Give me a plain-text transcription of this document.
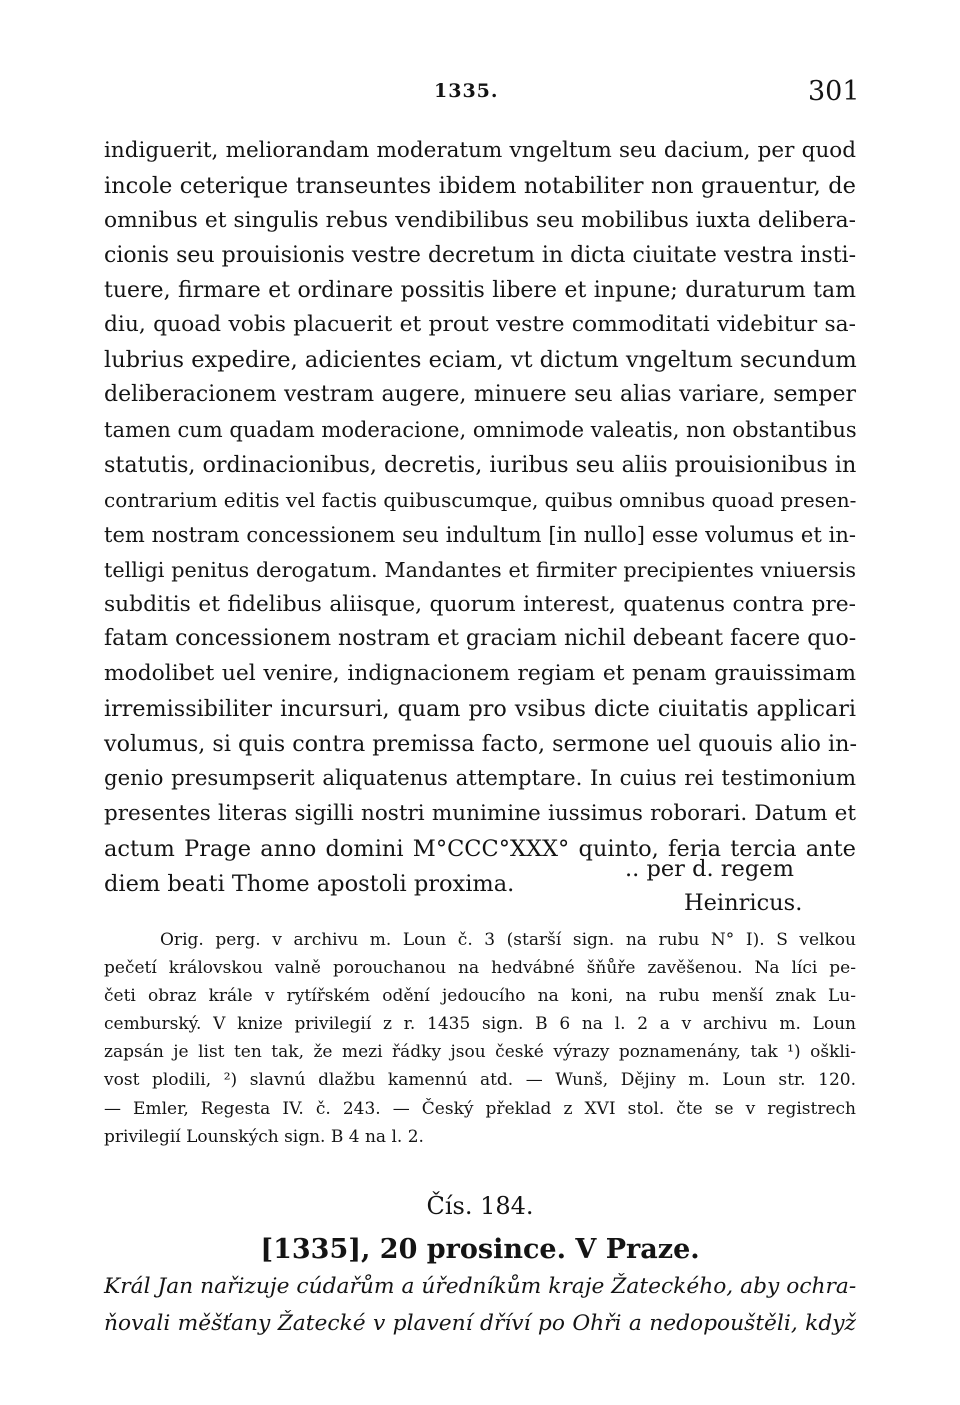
1335.	301
indiguerit, meliorandam moderatum vngeltum seu dacium, per quod
incole ceterique transeuntes ibidem notabiliter non grauentur, de
omnibus et singulis rebus vendibilibus seu mobilibus iuxta delibera-
cionis seu prouisionis vestre decretum in dicta ciuitate vestra insti-
tuere, firmare et ordinare possitis libere et inpune; duraturum tam
diu, quoad vobis placuerit et prout vestre commoditati videbitur sa-
lubrius expedire, adicientes eciam, vt dictum vngeltum secundum
deliberacionem vestram augere, minuere seu alias variare, semper
tamen cum quadam moderacione, omnimode valeatis, non obstantibus
statutis, ordinacionibus, decretis, iuribus seu aliis prouisionibus in
contrarium editis vel factis quibuscumque, quibus omnibus quoad presen-
tem nostram concessionem seu indultum [in nullo] esse volumus et in-
telligi penitus derogatum. Mandantes et firmiter precipientes vniuersis
subditis et fidelibus aliisque, quorum interest, quatenus contra pre-
fatam concessionem nostram et graciam nichil debeant facere quo-
modolibet uel venire, indignacionem regiam et penam grauissimam
irremissibiliter incursuri, quam pro vsibus dicte ciuitatis applicari
volumus, si quis contra premissa facto, sermone uel quouis alio in-
genio presumpserit aliquatenus attemptare. In cuius rei testimonium
presentes literas sigilli nostri munimine iussimus roborari. Datum et
actum Prage anno domini M°CCC°XXX° quinto, feria tercia ante
diem beati Thome apostoli proxima.
.. per d. regem
Heinricus.
Orig. perg. v archivu m. Loun č. 3 (starší sign. na rubu N° I). S velkou
pečetí královskou valně porouchanou na hedvábné šňůře zavěšenou. Na líci pe-
četi obraz krále v rytířském odění jedoucího na koni, na rubu menší znak Lu-
cemburský. V knize privilegií z r. 1435 sign. B 6 na l. 2 a v archivu m. Loun
zapsán je list ten tak, že mezi řádky jsou české výrazy poznamenány, tak ¹) oškli-
vost plodili, ²) slavnú dlažbu kamennú atd. — Wunš, Dějiny m. Loun str. 120.
— Emler, Regesta IV. č. 243. — Český překlad z XVI stol. čte se v registrech
privilegií Lounských sign. B 4 na l. 2.
Čís. 184.
[1335], 20 prosince. V Praze.
Král Jan nařizuje cúdařům a úředníkům kraje Žateckého, aby ochra-
ňovali měšťany Žatecké v plavení dříví po Ohři a nedopouštěli, když
